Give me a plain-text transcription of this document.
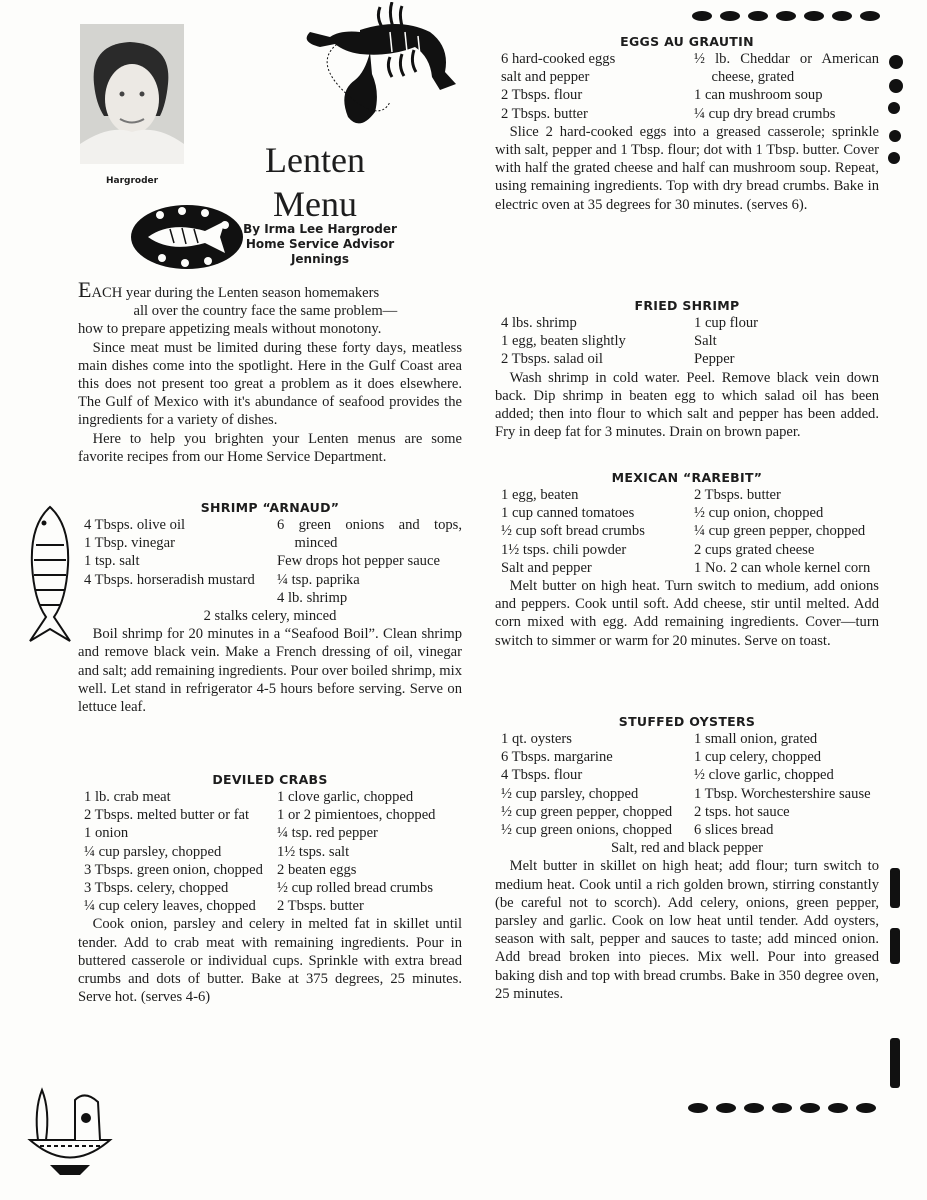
Hargroder
Lenten
Menu
By Irma Lee Hargroder
Home Service Advisor
Jennings

EACH year during the Lenten season homemakers
all over the country face the same problem—
how to prepare appetizing meals without monotony.

Since meat must be limited during these forty days, meatless main dishes come into the spotlight. Here in the Gulf Coast area this does not present too great a problem as it does elsewhere. The Gulf of Mexico with it's abundance of seafood provides the ingredients for a variety of dishes.

Here to help you brighten your Lenten menus are some favorite recipes from our Home Service Department.

SHRIMP “ARNAUD”
4 Tbsps. olive oil
1 Tbsp. vinegar
1 tsp. salt
4 Tbsps. horseradish mustard
6 green onions and tops, minced
Few drops hot pepper sauce
¼ tsp. paprika
4 lb. shrimp
2 stalks celery, minced
Boil shrimp for 20 minutes in a “Seafood Boil”. Clean shrimp and remove black vein. Make a French dressing of oil, vinegar and salt; add remaining ingredients. Pour over boiled shrimp, mix well. Let stand in refrigerator 4-5 hours before serving. Serve on lettuce leaf.
DEVILED CRABS
1 lb. crab meat
2 Tbsps. melted butter or fat
1 onion
¼ cup parsley, chopped
3 Tbsps. green onion, chopped
3 Tbsps. celery, chopped
¼ cup celery leaves, chopped
1 clove garlic, chopped
1 or 2 pimientoes, chopped
¼ tsp. red pepper
1½ tsps. salt
2 beaten eggs
½ cup rolled bread crumbs
2 Tbsps. butter
Cook onion, parsley and celery in melted fat in skillet until tender. Add to crab meat with remaining ingredients. Pour in buttered casserole or individual cups. Sprinkle with extra bread crumbs and dots of butter. Bake at 375 degrees, 25 minutes. Serve hot. (serves 4-6)
EGGS AU GRAUTIN
6 hard-cooked eggs
salt and pepper
2 Tbsps. flour
2 Tbsps. butter
½ lb. Cheddar or American cheese, grated
1 can mushroom soup
¼ cup dry bread crumbs
Slice 2 hard-cooked eggs into a greased casserole; sprinkle with salt, pepper and 1 Tbsp. flour; dot with 1 Tbsp. butter. Cover with half the grated cheese and half can mushroom soup. Repeat, using remaining ingredients. Top with dry bread crumbs. Bake in electric oven at 35 degrees for 30 minutes. (serves 6).
FRIED SHRIMP
4 lbs. shrimp
1 egg, beaten slightly
2 Tbsps. salad oil
1 cup flour
Salt
Pepper
Wash shrimp in cold water. Peel. Remove black vein down back. Dip shrimp in beaten egg to which salad oil has been added; then into flour to which salt and pepper has been added. Fry in deep fat for 3 minutes. Drain on brown paper.
MEXICAN “RAREBIT”
1 egg, beaten
1 cup canned tomatoes
½ cup soft bread crumbs
1½ tsps. chili powder
Salt and pepper
2 Tbsps. butter
½ cup onion, chopped
¼ cup green pepper, chopped
2 cups grated cheese
1 No. 2 can whole kernel corn
Melt butter on high heat. Turn switch to medium, add onions and peppers. Cook until soft. Add cheese, stir until melted. Add corn mixed with egg. Add remaining ingredients. Cover—turn switch to simmer or warm for 20 minutes. Serve on toast.
STUFFED OYSTERS
1 qt. oysters
6 Tbsps. margarine
4 Tbsps. flour
½ cup parsley, chopped
½ cup green pepper, chopped
½ cup green onions, chopped
1 small onion, grated
1 cup celery, chopped
½ clove garlic, chopped
1 Tbsp. Worchestershire sause
2 tsps. hot sauce
6 slices bread
Salt, red and black pepper
Melt butter in skillet on high heat; add flour; turn switch to medium heat. Cook until a rich golden brown, stirring constantly (be careful not to scorch). Add celery, onions, green pepper, parsley and garlic. Cook on low heat until tender. Add oysters, season with salt, pepper and sauces to taste; add minced onion. Add bread broken into pieces. Mix well. Pour into greased baking dish and top with bread crumbs. Bake in 350 degree oven, 25 minutes.
